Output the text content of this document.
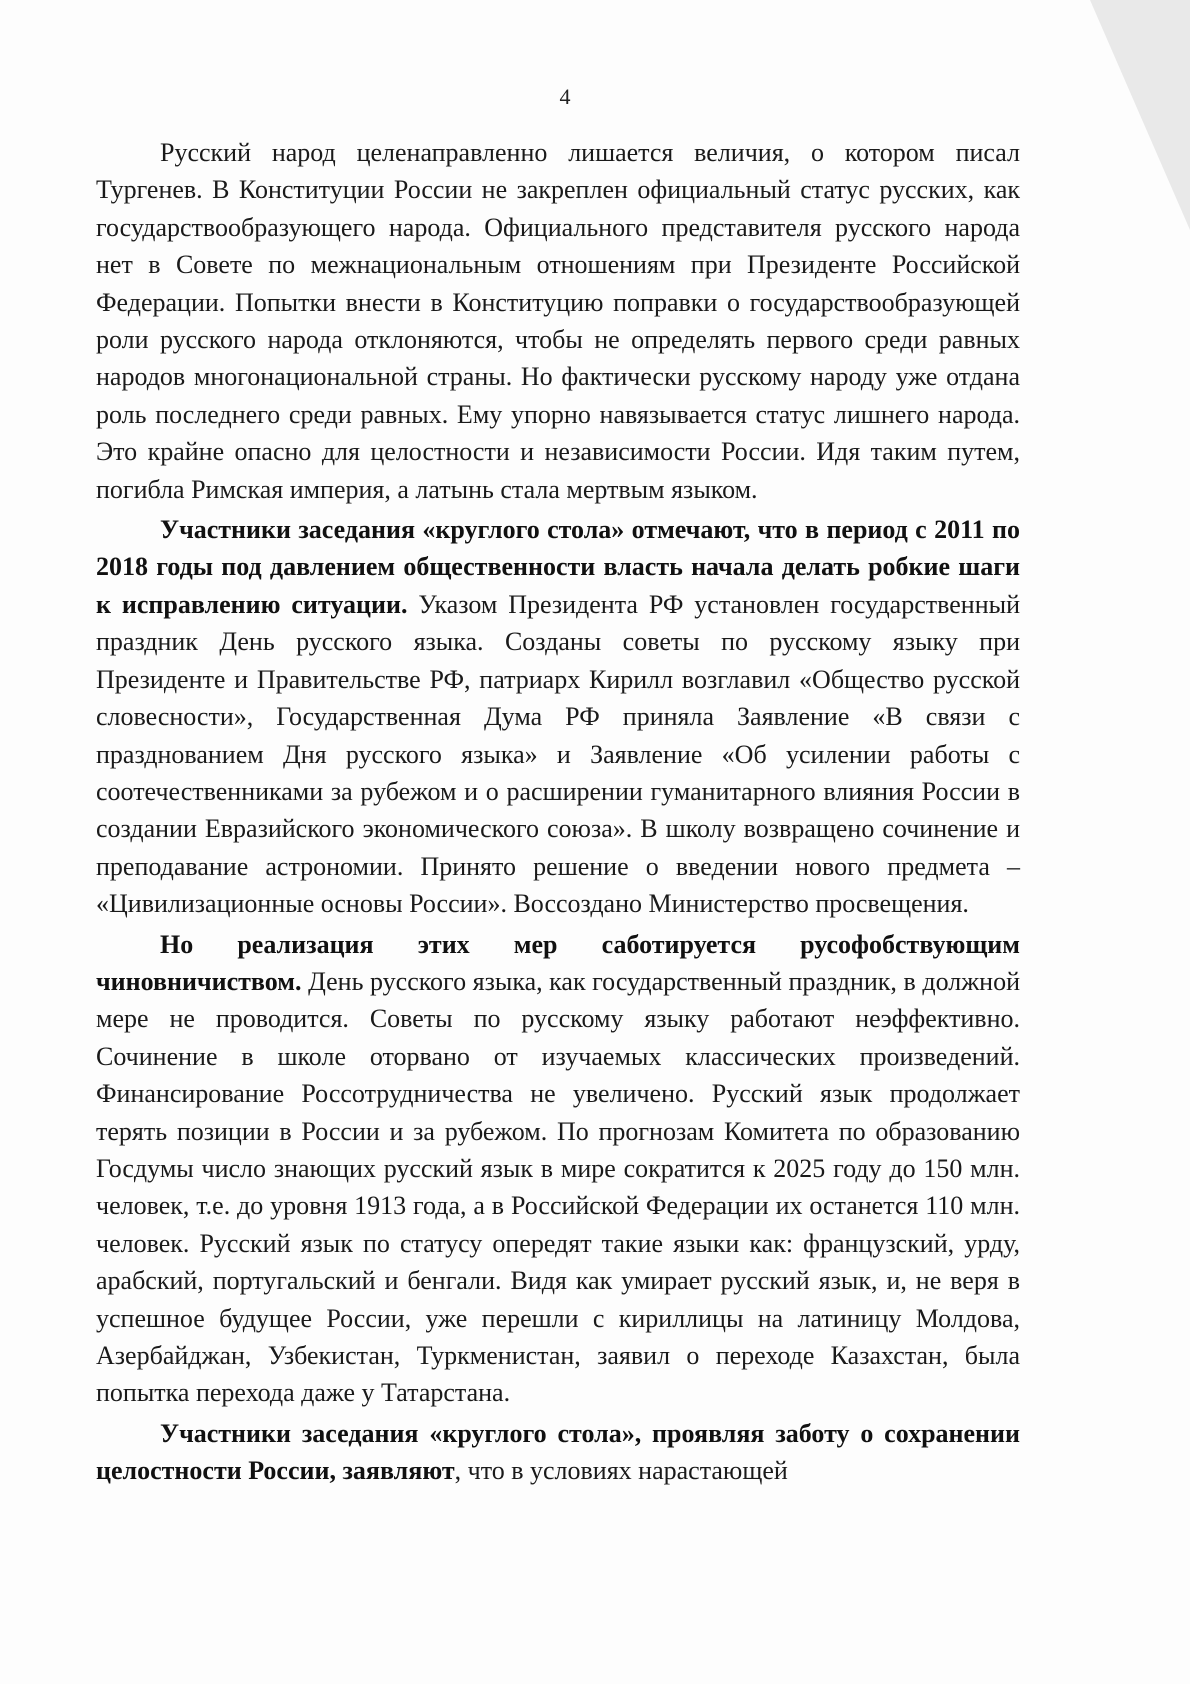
4

Русский народ целенаправленно лишается величия, о котором писал Тургенев. В Конституции России не закреплен официальный статус русских, как государствообразующего народа. Официального представителя русского народа нет в Совете по межнациональным отношениям при Президенте Российской Федерации. Попытки внести в Конституцию поправки о государствообразующей роли русского народа отклоняются, чтобы не определять первого среди равных народов многонациональной страны. Но фактически русскому народу уже отдана роль последнего среди равных. Ему упорно навязывается статус лишнего народа. Это крайне опасно для целостности и независимости России. Идя таким путем, погибла Римская империя, а латынь стала мертвым языком.

Участники заседания «круглого стола» отмечают, что в период с 2011 по 2018 годы под давлением общественности власть начала делать робкие шаги к исправлению ситуации. Указом Президента РФ установлен государственный праздник День русского языка. Созданы советы по русскому языку при Президенте и Правительстве РФ, патриарх Кирилл возглавил «Общество русской словесности», Государственная Дума РФ приняла Заявление «В связи с празднованием Дня русского языка» и Заявление «Об усилении работы с соотечественниками за рубежом и о расширении гуманитарного влияния России в создании Евразийского экономического союза». В школу возвращено сочинение и преподавание астрономии. Принято решение о введении нового предмета – «Цивилизационные основы России». Воссоздано Министерство просвещения.

Но реализация этих мер саботируется русофобствующим чиновничиством. День русского языка, как государственный праздник, в должной мере не проводится. Советы по русскому языку работают неэффективно. Сочинение в школе оторвано от изучаемых классических произведений. Финансирование Россотрудничества не увеличено. Русский язык продолжает терять позиции в России и за рубежом. По прогнозам Комитета по образованию Госдумы число знающих русский язык в мире сократится к 2025 году до 150 млн. человек, т.е. до уровня 1913 года, а в Российской Федерации их останется 110 млн. человек. Русский язык по статусу опередят такие языки как: французский, урду, арабский, португальский и бенгали. Видя как умирает русский язык, и, не веря в успешное будущее России, уже перешли с кириллицы на латиницу Молдова, Азербайджан, Узбекистан, Туркменистан, заявил о переходе Казахстан, была попытка перехода даже у Татарстана.

Участники заседания «круглого стола», проявляя заботу о сохранении целостности России, заявляют, что в условиях нарастающей
